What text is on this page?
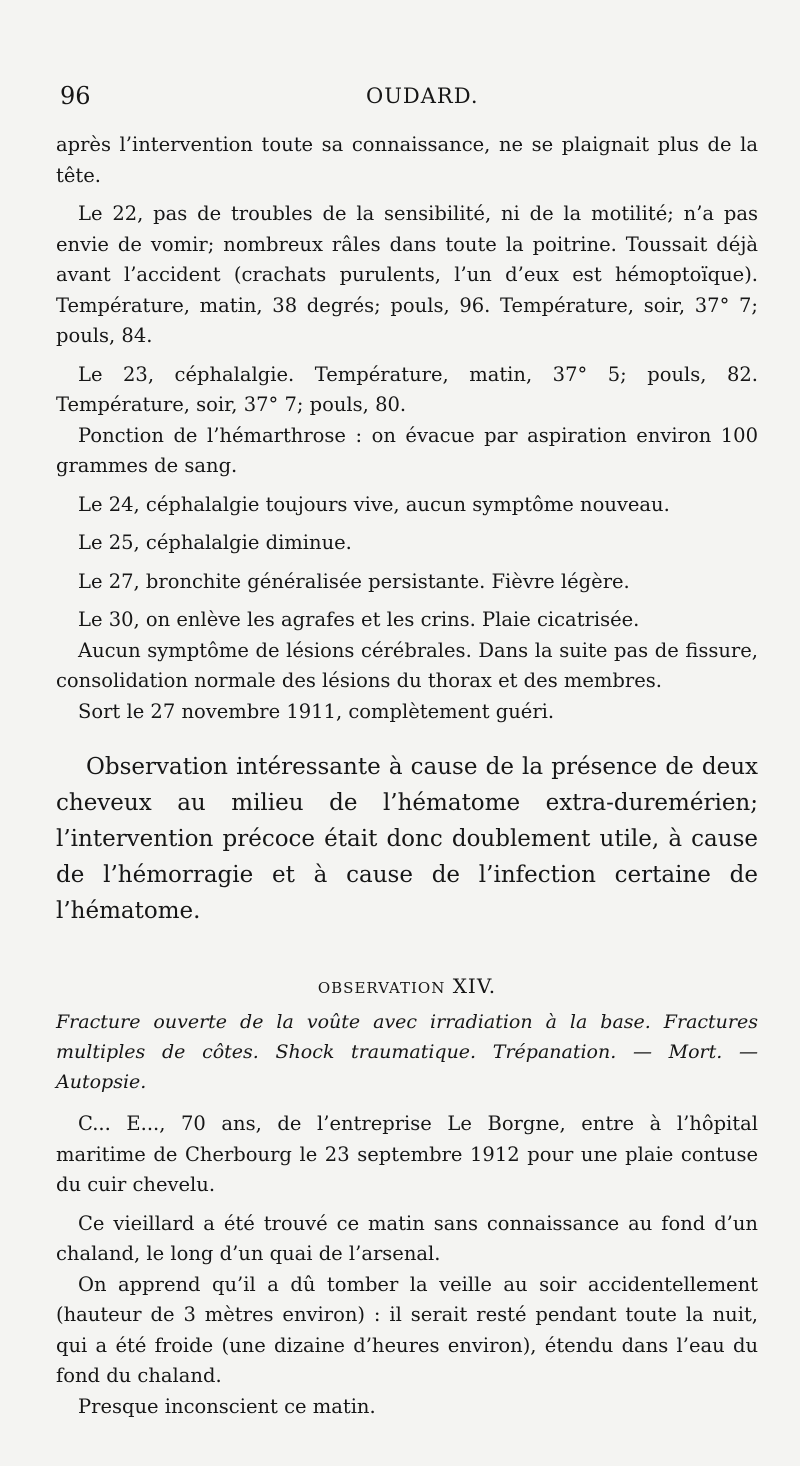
96	OUDARD.

après l’intervention toute sa connaissance, ne se plaignait plus de la tête.

Le 22, pas de troubles de la sensibilité, ni de la motilité; n’a pas envie de vomir; nombreux râles dans toute la poitrine. Toussait déjà avant l’accident (crachats purulents, l’un d’eux est hémoptoïque). Température, matin, 38 degrés; pouls, 96. Température, soir, 37° 7; pouls, 84.

Le 23, céphalalgie. Température, matin, 37° 5; pouls, 82. Température, soir, 37° 7; pouls, 80.

Ponction de l’hémarthrose : on évacue par aspiration environ 100 grammes de sang.

Le 24, céphalalgie toujours vive, aucun symptôme nouveau.

Le 25, céphalalgie diminue.

Le 27, bronchite généralisée persistante. Fièvre légère.

Le 30, on enlève les agrafes et les crins. Plaie cicatrisée.

Aucun symptôme de lésions cérébrales. Dans la suite pas de fissure, consolidation normale des lésions du thorax et des membres.

Sort le 27 novembre 1911, complètement guéri.

Observation intéressante à cause de la présence de deux cheveux au milieu de l’hématome extra-duremérien; l’intervention précoce était donc doublement utile, à cause de l’hémorragie et à cause de l’infection certaine de l’hématome.

OBSERVATION XIV.

Fracture ouverte de la voûte avec irradiation à la base. Fractures multiples de côtes. Shock traumatique. Trépanation. — Mort. — Autopsie.

C... E..., 70 ans, de l’entreprise Le Borgne, entre à l’hôpital maritime de Cherbourg le 23 septembre 1912 pour une plaie contuse du cuir chevelu.

Ce vieillard a été trouvé ce matin sans connaissance au fond d’un chaland, le long d’un quai de l’arsenal.

On apprend qu’il a dû tomber la veille au soir accidentellement (hauteur de 3 mètres environ) : il serait resté pendant toute la nuit, qui a été froide (une dizaine d’heures environ), étendu dans l’eau du fond du chaland.

Presque inconscient ce matin.
